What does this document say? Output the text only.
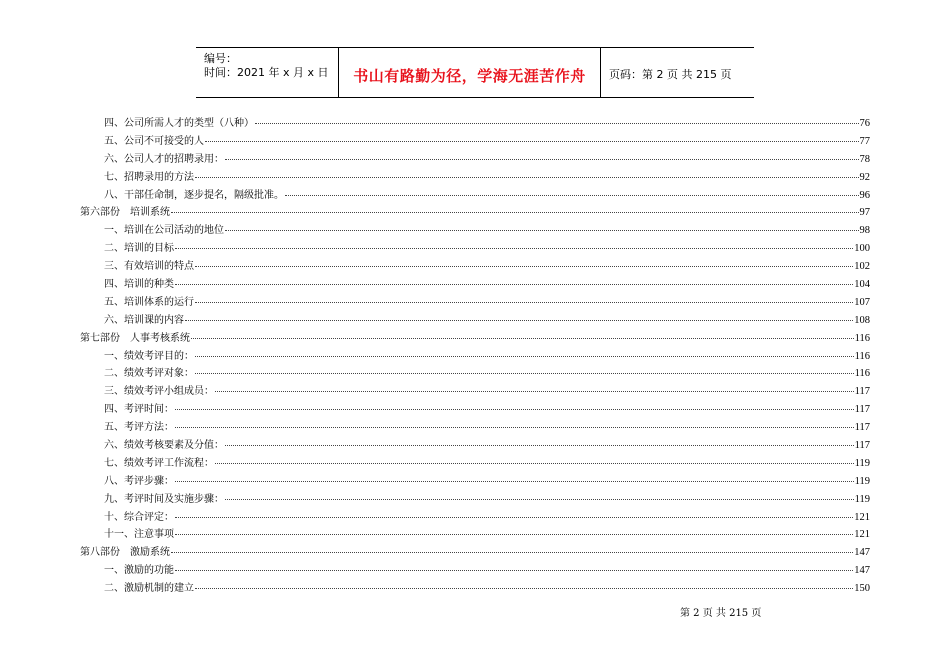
编号：
时间：2021 年 x 月 x 日	书山有路勤为径，学海无涯苦作舟	页码：第 2 页 共 215 页
四、公司所需人才的类型（八种）	76
五、公司不可接受的人	77
六、公司人才的招聘录用：	78
七、招聘录用的方法	92
八、干部任命制，逐步提名，隔级批准。	96
第六部份　培训系统	97
一、培训在公司活动的地位	98
二、培训的目标	100
三、有效培训的特点	102
四、培训的种类	104
五、培训体系的运行	107
六、培训课的内容	108
第七部份　人事考核系统	116
一、绩效考评目的：	116
二、绩效考评对象：	116
三、绩效考评小组成员：	117
四、考评时间：	117
五、考评方法：	117
六、绩效考核要素及分值：	117
七、绩效考评工作流程：	119
八、考评步骤：	119
九、考评时间及实施步骤：	119
十、综合评定：	121
十一、注意事项	121
第八部份　激励系统	147
一、激励的功能	147
二、激励机制的建立	150
第 2 页 共 215 页
